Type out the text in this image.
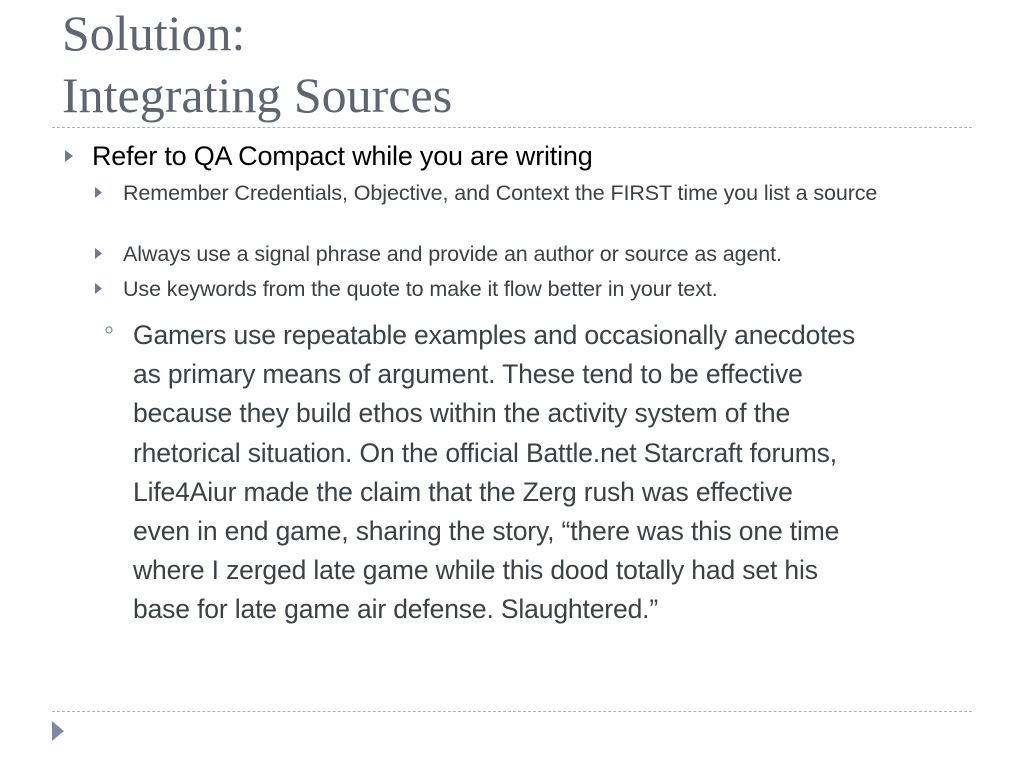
Solution:
Integrating Sources
Refer to QA Compact while you are writing
Remember Credentials, Objective, and Context the FIRST time you list a source
Always use a signal phrase and provide an author or source as agent.
Use keywords from the quote to make it flow better in your text.
Gamers use repeatable examples and occasionally anecdotes
as primary means of argument. These tend to be effective
because they build ethos within the activity system of the
rhetorical situation. On the official Battle.net Starcraft forums,
Life4Aiur made the claim that the Zerg rush was effective
even in end game, sharing the story, “there was this one time
where I zerged late game while this dood totally had set his
base for late game air defense. Slaughtered.”
